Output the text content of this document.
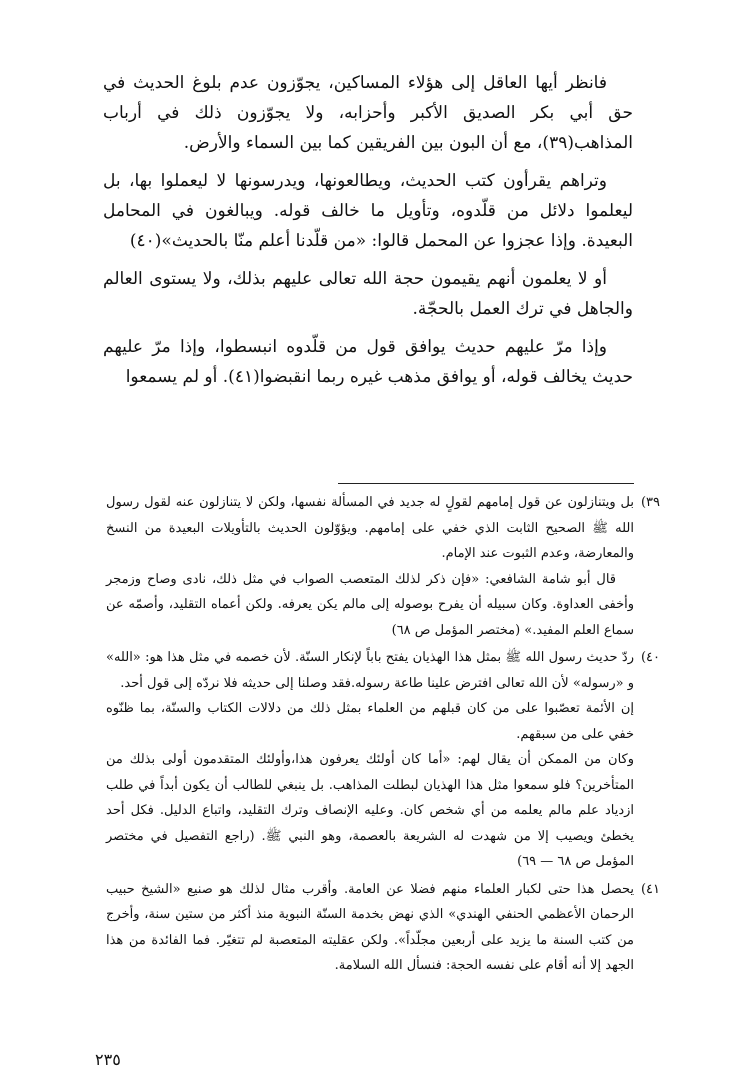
فانظر أيها العاقل إلى هؤلاء المساكين، يجوّزون عدم بلوغ الحديث في حق أبي بكر الصديق الأكبر وأحزابه، ولا يجوّزون ذلك في أرباب المذاهب(٣٩)، مع أن البون بين الفريقين كما بين السماء والأرض.

وتراهم يقرأون كتب الحديث، ويطالعونها، ويدرسونها لا ليعملوا بها، بل ليعلموا دلائل من قلّدوه، وتأويل ما خالف قوله. ويبالغون في المحامل البعيدة. وإذا عجزوا عن المحمل قالوا: «من قلّدنا أعلم منّا بالحديث»(٤٠)

أو لا يعلمون أنهم يقيمون حجة الله تعالى عليهم بذلك، ولا يستوى العالم والجاهل في ترك العمل بالحجّة.

وإذا مرّ عليهم حديث يوافق قول من قلّدوه انبسطوا، وإذا مرّ عليهم حديث يخالف قوله، أو يوافق مذهب غيره ربما انقبضوا(٤١). أو لم يسمعوا

٣٩)

بل ويتنازلون عن قول إمامهم لقولٍ له جديد في المسألة نفسها، ولكن لا يتنازلون عنه لقول رسول الله ﷺ الصحيح الثابت الذي خفي على إمامهم. ويؤوّلون الحديث بالتأويلات البعيدة من النسخ والمعارضة، وعدم الثبوت عند الإمام.

قال أبو شامة الشافعي: «فإن ذكر لذلك المتعصب الصواب في مثل ذلك، نادى وصاح وزمجر وأخفى العداوة. وكان سبيله أن يفرح بوصوله إلى مالم يكن يعرفه. ولكن أعماه التقليد، وأصمّه عن سماع العلم المفيد.» (مختصر المؤمل ص ٦٨)

٤٠)

ردّ حديث رسول الله ﷺ بمثل هذا الهذيان يفتح باباً لإنكار السنّة. لأن خصمه في مثل هذا هو: «الله» و «رسوله» لأن الله تعالى افترض علينا طاعة رسوله.فقد وصلنا إلى حديثه فلا نردّه إلى قول أحد.

إن الأئمة تعصّبوا على من كان قبلهم من العلماء بمثل ذلك من دلالات الكتاب والسنّة، بما ظنّوه خفي على من سبقهم.

وكان من الممكن أن يقال لهم: «أما كان أولئك يعرفون هذا،وأولئك المتقدمون أولى بذلك من المتأخرين؟ فلو سمعوا مثل هذا الهذيان لبطلت المذاهب. بل ينبغي للطالب أن يكون أبداً في طلب ازدياد علم مالم يعلمه من أي شخص كان. وعليه الإنصاف وترك التقليد، واتباع الدليل. فكل أحد يخطئ ويصيب إلا من شهدت له الشريعة بالعصمة، وهو النبي ﷺ. (راجع التفصيل في مختصر المؤمل ص ٦٨ — ٦٩)

٤١)

يحصل هذا حتى لكبار العلماء منهم فضلا عن العامة. وأقرب مثال لذلك هو صنيع «الشيخ حبيب الرحمان الأعظمي الحنفي الهندي» الذي نهض بخدمة السنّة النبوية منذ أكثر من ستين سنة، وأخرج من كتب السنة ما يزيد على أربعين مجلّداً». ولكن عقليته المتعصبة لم تتغيّر. فما الفائدة من هذا الجهد إلا أنه أقام على نفسه الحجة: فنسأل الله السلامة.

٢٣٥
